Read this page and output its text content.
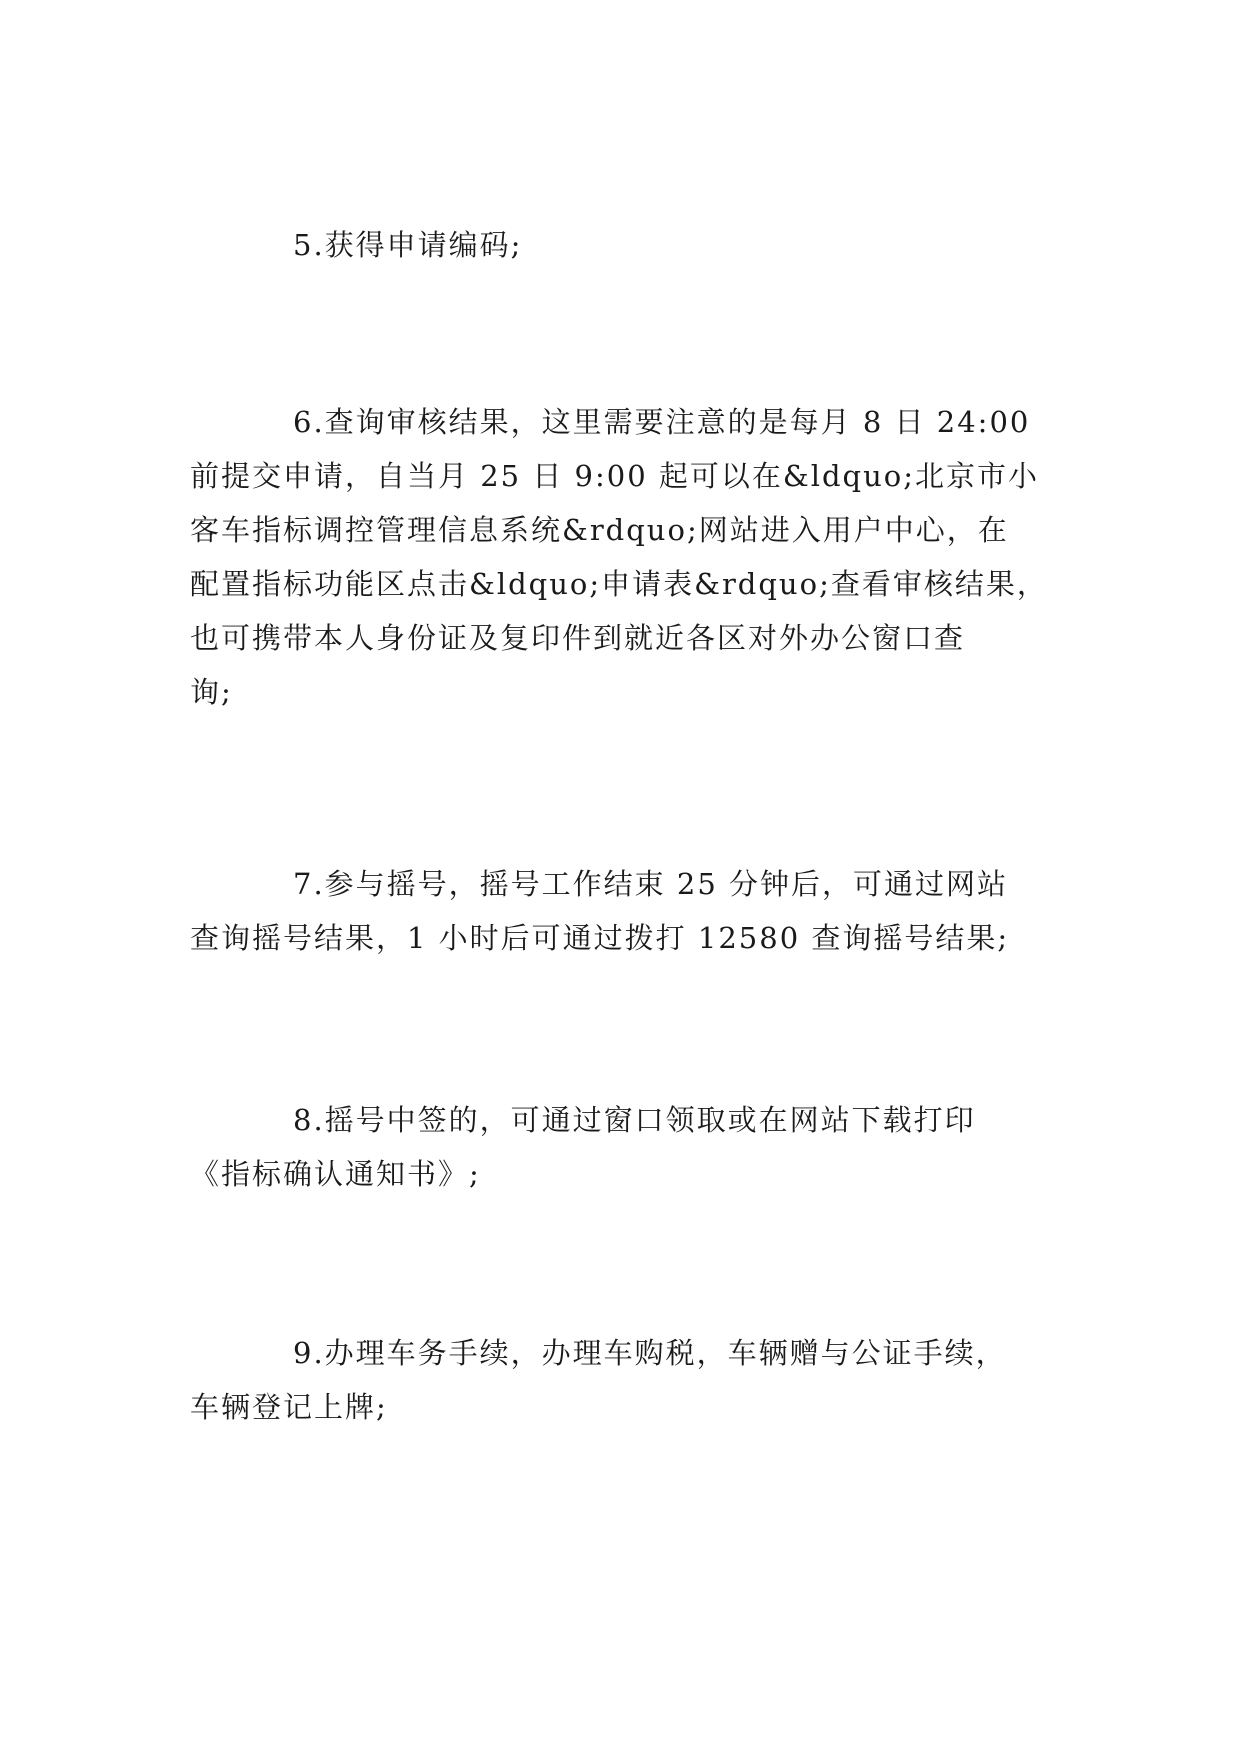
5.获得申请编码;

6.查询审核结果，这里需要注意的是每月 8 日 24:00
前提交申请，自当月 25 日 9:00 起可以在&ldquo;北京市小
客车指标调控管理信息系统&rdquo;网站进入用户中心，在
配置指标功能区点击&ldquo;申请表&rdquo;查看审核结果，
也可携带本人身份证及复印件到就近各区对外办公窗口查
询;

7.参与摇号，摇号工作结束 25 分钟后，可通过网站
查询摇号结果，1 小时后可通过拨打 12580 查询摇号结果;

8.摇号中签的，可通过窗口领取或在网站下载打印
《指标确认通知书》;

9.办理车务手续，办理车购税，车辆赠与公证手续，
车辆登记上牌;
